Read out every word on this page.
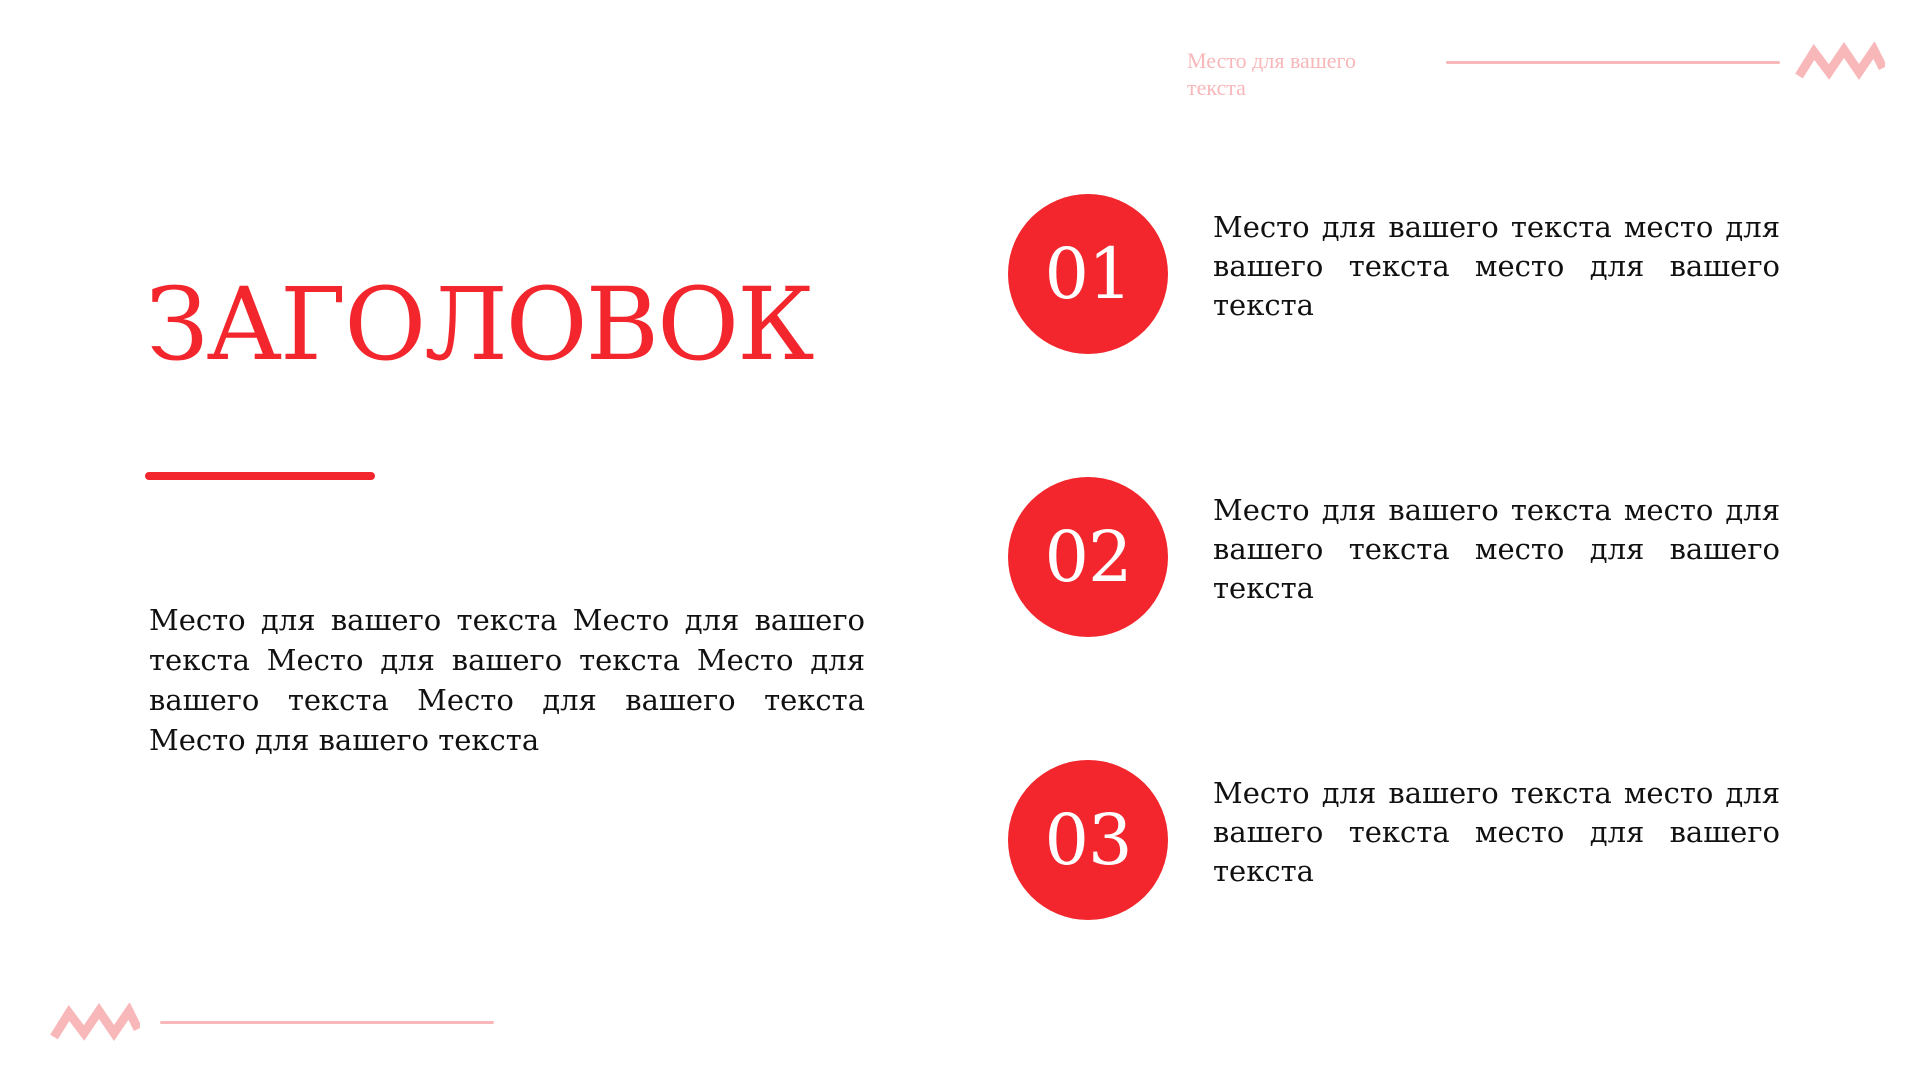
Место для вашего текста
ЗАГОЛОВОК
Место для вашего текста Место для вашего текста Место для вашего текста Место для вашего текста Место для вашего текста Место для вашего текста
01
Место для вашего текста место для вашего текста место для вашего текста
02
Место для вашего текста место для вашего текста место для вашего текста
03
Место для вашего текста место для вашего текста место для вашего текста
